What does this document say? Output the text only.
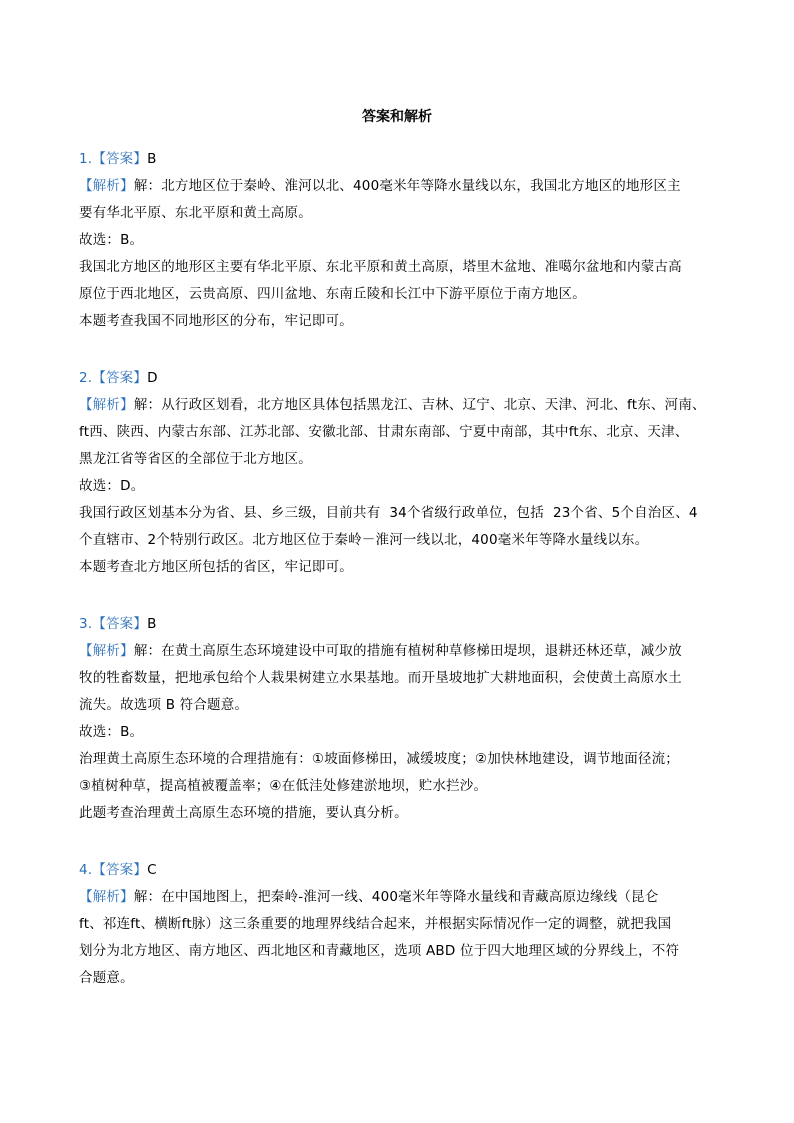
答案和解析
1.【答案】B
【解析】解：北方地区位于秦岭、淮河以北、400毫米年等降水量线以东，我国北方地区的地形区主
要有华北平原、东北平原和黄土高原。
故选：B。
我国北方地区的地形区主要有华北平原、东北平原和黄土高原，塔里木盆地、准噶尔盆地和内蒙古高
原位于西北地区，云贵高原、四川盆地、东南丘陵和长江中下游平原位于南方地区。
本题考查我国不同地形区的分布，牢记即可。
2.【答案】D
【解析】解：从行政区划看，北方地区具体包括黑龙江、吉林、辽宁、北京、天津、河北、ft东、河南、
ft西、陕西、内蒙古东部、江苏北部、安徽北部、甘肃东南部、宁夏中南部，其中ft东、北京、天津、
黑龙江省等省区的全部位于北方地区。
故选：D。
我国行政区划基本分为省、县、乡三级，目前共有  34个省级行政单位，包括  23个省、5个自治区、4
个直辖市、2个特别行政区。北方地区位于秦岭－淮河一线以北，400毫米年等降水量线以东。
本题考查北方地区所包括的省区，牢记即可。
3.【答案】B
【解析】解：在黄土高原生态环境建设中可取的措施有植树种草修梯田堤坝，退耕还林还草，减少放
牧的牲畜数量，把地承包给个人栽果树建立水果基地。而开垦坡地扩大耕地面积，会使黄土高原水土
流失。故选项 B 符合题意。
故选：B。
治理黄土高原生态环境的合理措施有：①坡面修梯田，减缓坡度；②加快林地建设，调节地面径流；
③植树种草，提高植被覆盖率；④在低洼处修建淤地坝，贮水拦沙。
此题考查治理黄土高原生态环境的措施，要认真分析。
4.【答案】C
【解析】解：在中国地图上，把秦岭-淮河一线、400毫米年等降水量线和青藏高原边缘线（昆仑
ft、祁连ft、横断ft脉）这三条重要的地理界线结合起来，并根据实际情况作一定的调整，就把我国
划分为北方地区、南方地区、西北地区和青藏地区，选项 ABD 位于四大地理区域的分界线上，不符
合题意。
